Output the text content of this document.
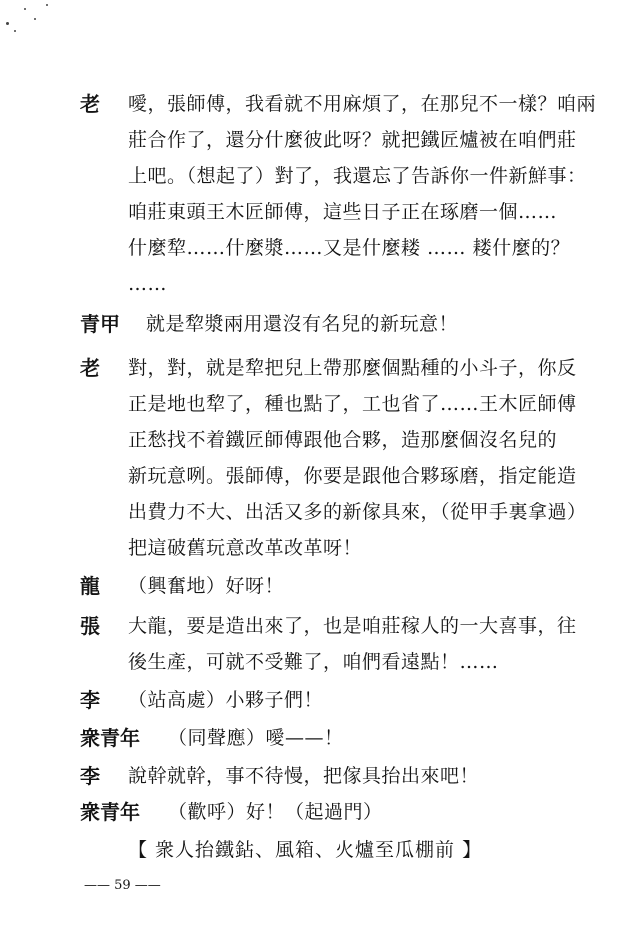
老 噯，張師傅，我看就不用麻煩了，在那兒不一樣？咱兩
莊合作了，還分什麼彼此呀？就把鐵匠爐被在咱們莊
上吧。（想起了）對了，我還忘了告訴你一件新鮮事：
咱莊東頭王木匠師傅，這些日子正在琢磨一個……
什麼犂……什麼漿……又是什麼耧 …… 耧什麼的？
……
青甲 就是犂漿兩用還沒有名兒的新玩意！
老 對，對，就是犂把兒上帶那麼個點種的小斗子，你反
正是地也犂了，種也點了，工也省了……王木匠師傅
正愁找不着鐵匠師傅跟他合夥，造那麼個沒名兒的
新玩意咧。張師傅，你要是跟他合夥琢磨，指定能造
出費力不大、出活又多的新傢具來，（從甲手裏拿過）
把這破舊玩意改革改革呀！
龍 （興奮地）好呀！
張 大龍，要是造出來了，也是咱莊稼人的一大喜事，往
後生產，可就不受難了，咱們看遠點！……
李 （站高處）小夥子們！
衆青年 （同聲應）噯——！
李 說幹就幹，事不待慢，把傢具抬出來吧！
衆青年 （歡呼）好！（起過門）
【 衆人抬鐵鉆、風箱、火爐至瓜棚前 】
—— 59 ——
